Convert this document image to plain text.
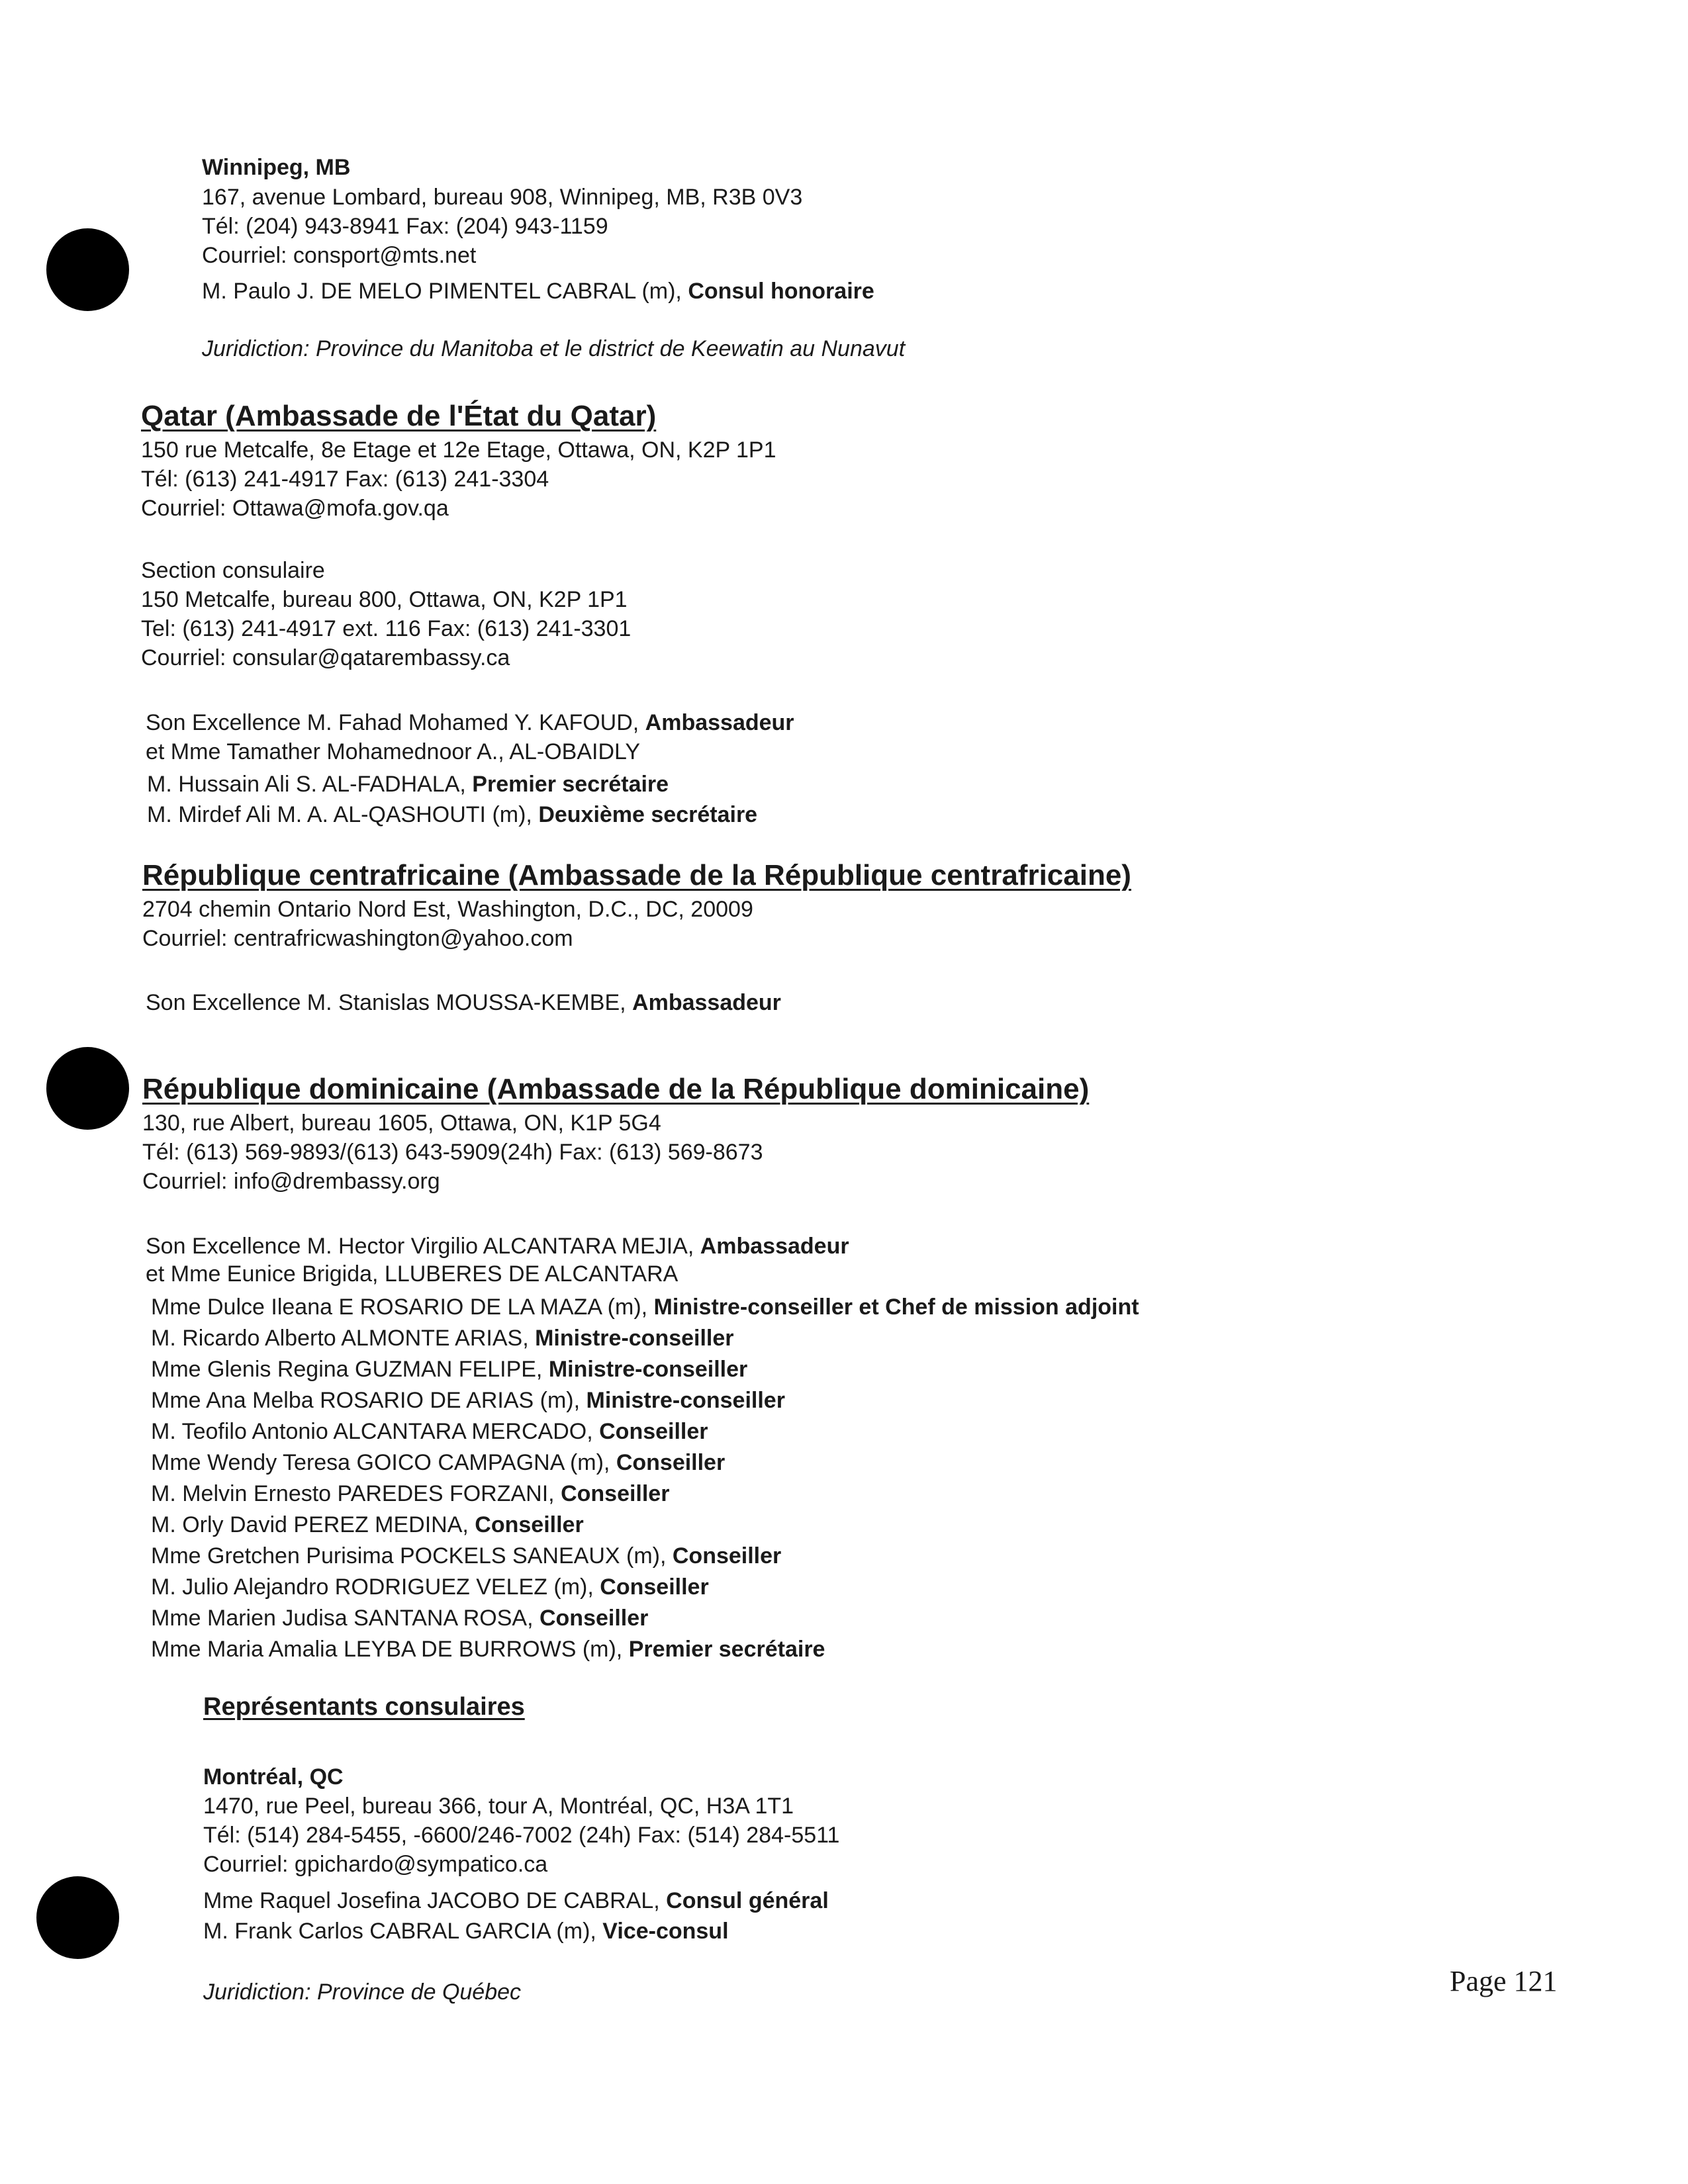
Winnipeg, MB
167, avenue Lombard, bureau 908, Winnipeg, MB, R3B 0V3
Tél: (204) 943-8941 Fax: (204) 943-1159
Courriel: consport@mts.net
M. Paulo J. DE MELO PIMENTEL CABRAL (m), Consul honoraire
Juridiction: Province du Manitoba et le district de Keewatin au Nunavut
Qatar (Ambassade de l'État du Qatar)
150 rue Metcalfe, 8e Etage et 12e Etage, Ottawa, ON, K2P 1P1
Tél: (613) 241-4917 Fax: (613) 241-3304
Courriel: Ottawa@mofa.gov.qa
Section consulaire
150 Metcalfe, bureau 800, Ottawa, ON, K2P 1P1
Tel: (613) 241-4917 ext. 116 Fax: (613) 241-3301
Courriel: consular@qatarembassy.ca
Son Excellence M. Fahad Mohamed Y. KAFOUD, Ambassadeur
et Mme Tamather Mohamednoor A., AL-OBAIDLY
M. Hussain Ali S. AL-FADHALA, Premier secrétaire
M. Mirdef Ali M. A. AL-QASHOUTI (m), Deuxième secrétaire
République centrafricaine (Ambassade de la République centrafricaine)
2704 chemin Ontario Nord Est, Washington, D.C., DC, 20009
Courriel: centrafricwashington@yahoo.com
Son Excellence M. Stanislas MOUSSA-KEMBE, Ambassadeur
République dominicaine (Ambassade de la République dominicaine)
130, rue Albert, bureau 1605, Ottawa, ON, K1P 5G4
Tél: (613) 569-9893/(613) 643-5909(24h) Fax: (613) 569-8673
Courriel: info@drembassy.org
Son Excellence M. Hector Virgilio ALCANTARA MEJIA, Ambassadeur
et Mme Eunice Brigida, LLUBERES DE ALCANTARA
Mme Dulce Ileana E ROSARIO DE LA MAZA (m), Ministre-conseiller et Chef de mission adjoint
M. Ricardo Alberto ALMONTE ARIAS, Ministre-conseiller
Mme Glenis Regina GUZMAN FELIPE, Ministre-conseiller
Mme Ana Melba ROSARIO DE ARIAS (m), Ministre-conseiller
M. Teofilo Antonio ALCANTARA MERCADO, Conseiller
Mme Wendy Teresa GOICO CAMPAGNA (m), Conseiller
M. Melvin Ernesto PAREDES FORZANI, Conseiller
M. Orly David PEREZ MEDINA, Conseiller
Mme Gretchen Purisima POCKELS SANEAUX (m), Conseiller
M. Julio Alejandro RODRIGUEZ VELEZ (m), Conseiller
Mme Marien Judisa SANTANA ROSA, Conseiller
Mme Maria Amalia LEYBA DE BURROWS (m), Premier secrétaire
Représentants consulaires
Montréal, QC
1470, rue Peel, bureau 366, tour A, Montréal, QC, H3A 1T1
Tél: (514) 284-5455, -6600/246-7002 (24h) Fax: (514) 284-5511
Courriel: gpichardo@sympatico.ca
Mme Raquel Josefina JACOBO DE CABRAL, Consul général
M. Frank Carlos CABRAL GARCIA (m), Vice-consul
Juridiction: Province de Québec	Page 121
